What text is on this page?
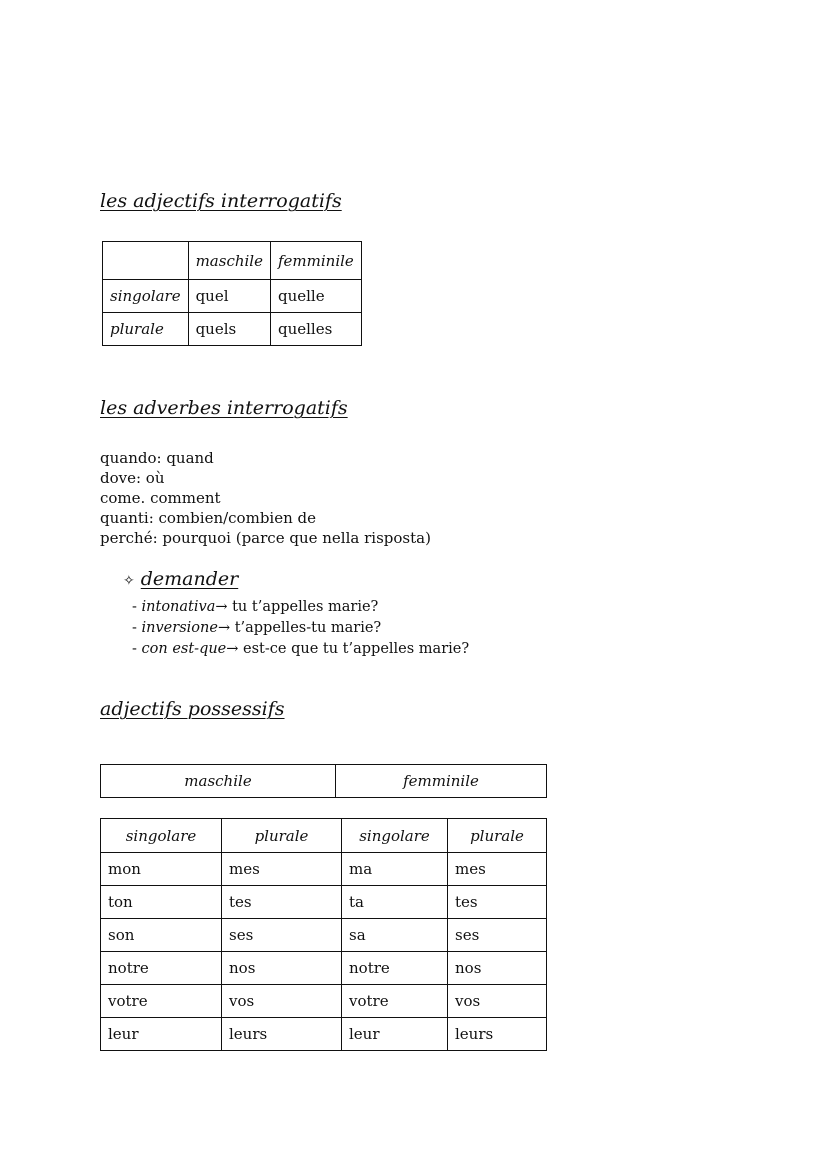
les adjectifs interrogatifs
	maschile	femminile
singolare	quel	quelle
plurale	quels	quelles
les adverbes interrogatifs
quando: quand
dove: où
come. comment
quanti: combien/combien de
perché: pourquoi (parce que nella risposta)
✧ demander
- intonativa→ tu t’appelles marie?
- inversione→ t’appelles-tu marie?
- con est-que→ est-ce que tu t’appelles marie?
adjectifs possessifs
maschile	femminile
singolare	plurale	singolare	plurale
mon	mes	ma	mes
ton	tes	ta	tes
son	ses	sa	ses
notre	nos	notre	nos
votre	vos	votre	vos
leur	leurs	leur	leurs
